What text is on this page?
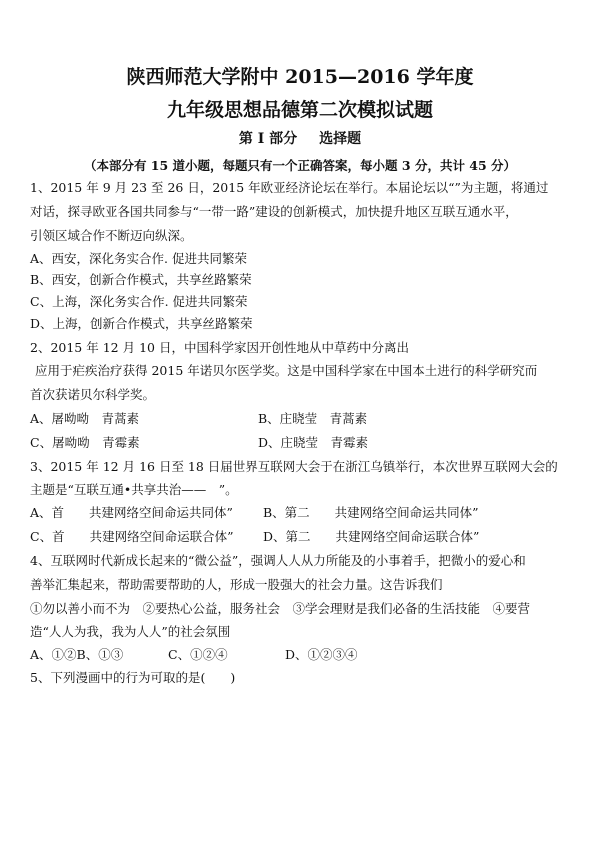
陕西师范大学附中 2015—2016 学年度
九年级思想品德第二次模拟试题
第 Ⅰ 部分 选择题
（本部分有 15 道小题，每题只有一个正确答案，每小题 3 分，共计 45 分）
1、2015 年 9 月 23 至 26 日，2015 年欧亚经济论坛在举行。本届论坛以“”为主题，将通过
对话，探寻欧亚各国共同参与“一带一路”建设的创新模式，加快提升地区互联互通水平，
引领区域合作不断迈向纵深。
A、西安，深化务实合作. 促进共同繁荣
B、西安，创新合作模式，共享丝路繁荣
C、上海，深化务实合作. 促进共同繁荣
D、上海，创新合作模式，共享丝路繁荣
2、2015 年 12 月 10 日，中国科学家因开创性地从中草药中分离出
应用于疟疾治疗获得 2015 年诺贝尔医学奖。这是中国科学家在中国本土进行的科学研究而
首次获诺贝尔科学奖。
A、屠呦呦　青蒿素	B、庄晓莹　青蒿素
C、屠呦呦　青霉素	D、庄晓莹　青霉素
3、2015 年 12 月 16 日至 18 日届世界互联网大会于在浙江乌镇举行，本次世界互联网大会的
主题是“互联互通•共享共治——　”。
A、首　　共建网络空间命运共同体” B、第二　　共建网络空间命运共同体”
C、首　　共建网络空间命运联合体” D、第二　　共建网络空间命运联合体”
4、互联网时代新成长起来的“微公益”，强调人人从力所能及的小事着手，把微小的爱心和
善举汇集起来，帮助需要帮助的人，形成一股强大的社会力量。这告诉我们
①勿以善小而不为　②要热心公益，服务社会　③学会理财是我们必备的生活技能　④要营
造“人人为我，我为人人”的社会氛围
A、①②B、①③	C、①②④	D、①②③④
5、下列漫画中的行为可取的是(　　)
